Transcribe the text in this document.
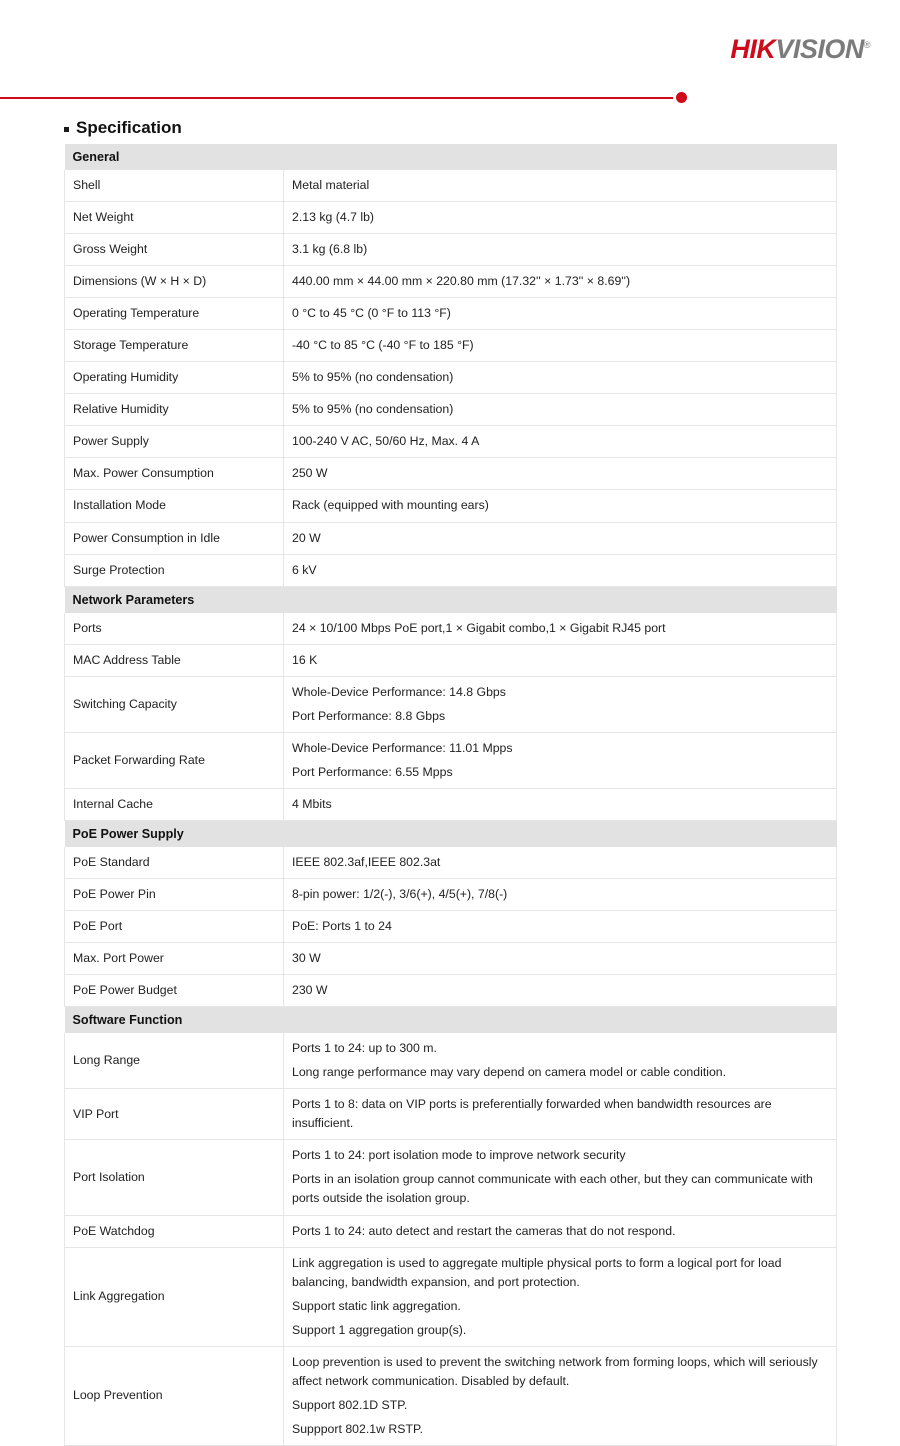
HIKVISION®
Specification
General	
Shell	Metal material

Net Weight	2.13 kg (4.7 lb)

Gross Weight	3.1 kg (6.8 lb)

Dimensions (W × H × D)	440.00 mm × 44.00 mm × 220.80 mm (17.32'' × 1.73'' × 8.69'')

Operating Temperature	0 °C to 45 °C (0 °F to 113 °F)

Storage Temperature	-40 °C to 85 °C (-40 °F to 185 °F)

Operating Humidity	5% to 95% (no condensation)

Relative Humidity	5% to 95% (no condensation)

Power Supply	100-240 V AC, 50/60 Hz, Max. 4 A

Max. Power Consumption	250 W

Installation Mode	Rack (equipped with mounting ears)

Power Consumption in Idle	20 W

Surge Protection	6 kV

Network Parameters	
Ports	24 × 10/100 Mbps PoE port,1 × Gigabit combo,1 × Gigabit RJ45 port

MAC Address Table	16 K

Switching Capacity	Whole-Device Performance: 14.8 Gbps
Port Performance: 8.8 Gbps

Packet Forwarding Rate	Whole-Device Performance: 11.01 Mpps
Port Performance: 6.55 Mpps

Internal Cache	4 Mbits

PoE Power Supply	
PoE Standard	IEEE 802.3af,IEEE 802.3at

PoE Power Pin	8-pin power: 1/2(-), 3/6(+), 4/5(+), 7/8(-)

PoE Port	PoE: Ports 1 to 24

Max. Port Power	30 W

PoE Power Budget	230 W

Software Function	
Long Range	Ports 1 to 24: up to 300 m.
Long range performance may vary depend on camera model or cable condition.

VIP Port	Ports 1 to 8: data on VIP ports is preferentially forwarded when bandwidth resources are insufficient.

Port Isolation	Ports 1 to 24: port isolation mode to improve network security
Ports in an isolation group cannot communicate with each other, but they can communicate with ports outside the isolation group.

PoE Watchdog	Ports 1 to 24: auto detect and restart the cameras that do not respond.

Link Aggregation	Link aggregation is used to aggregate multiple physical ports to form a logical port for load balancing, bandwidth expansion, and port protection.
Support static link aggregation.
Support 1 aggregation group(s).

Loop Prevention	Loop prevention is used to prevent the switching network from forming loops, which will seriously affect network communication. Disabled by default.
Support 802.1D STP.
Suppport 802.1w RSTP.
